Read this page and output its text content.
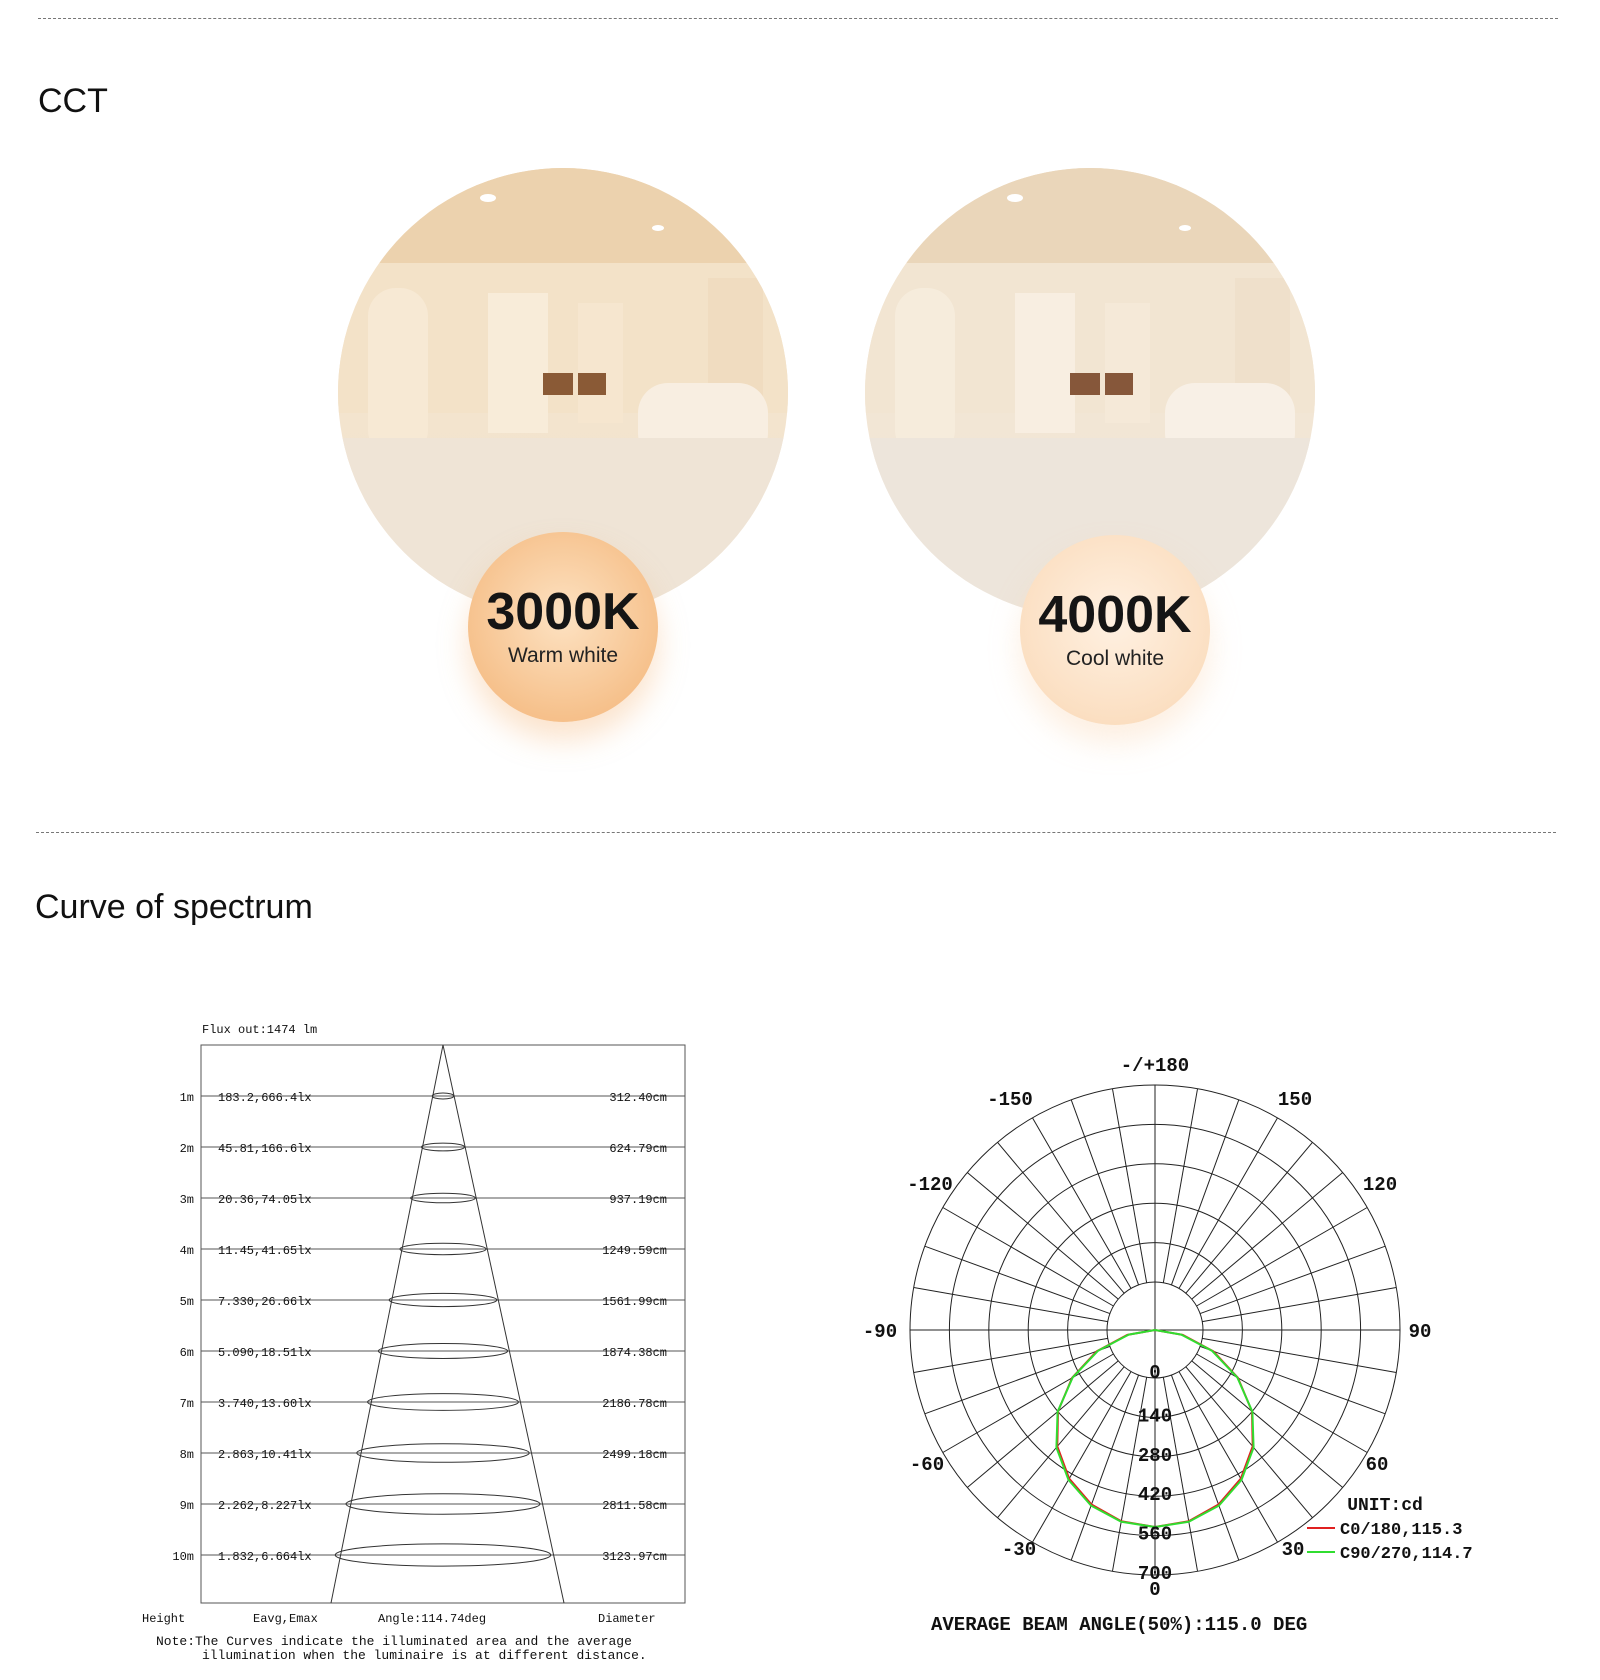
CCT
3000K
Warm white
4000K
Cool white
Curve of spectrum
Flux out:1474 lm
1m 183.2,666.4lx	312.40cm
2m 45.81,166.6lx	624.79cm
3m 20.36,74.05lx	937.19cm
4m 11.45,41.65lx	1249.59cm
5m 7.330,26.66lx	1561.99cm
6m 5.090,18.51lx	1874.38cm
7m 3.740,13.60lx	2186.78cm
8m 2.863,10.41lx	2499.18cm
9m 2.262,8.227lx	2811.58cm
10m 1.832,6.664lx	3123.97cm
Height	Eavg,Emax	Angle:114.74deg	Diameter
Note:The Curves indicate the illuminated area and the average
illumination when the luminaire is at different distance.
0
140
280
420
560
700
-/+180
-150	150
-120	120
-90	90
-60	60
-30	30
0
UNIT:cd
C0/180,115.3
C90/270,114.7
AVERAGE BEAM ANGLE(50%):115.0 DEG
